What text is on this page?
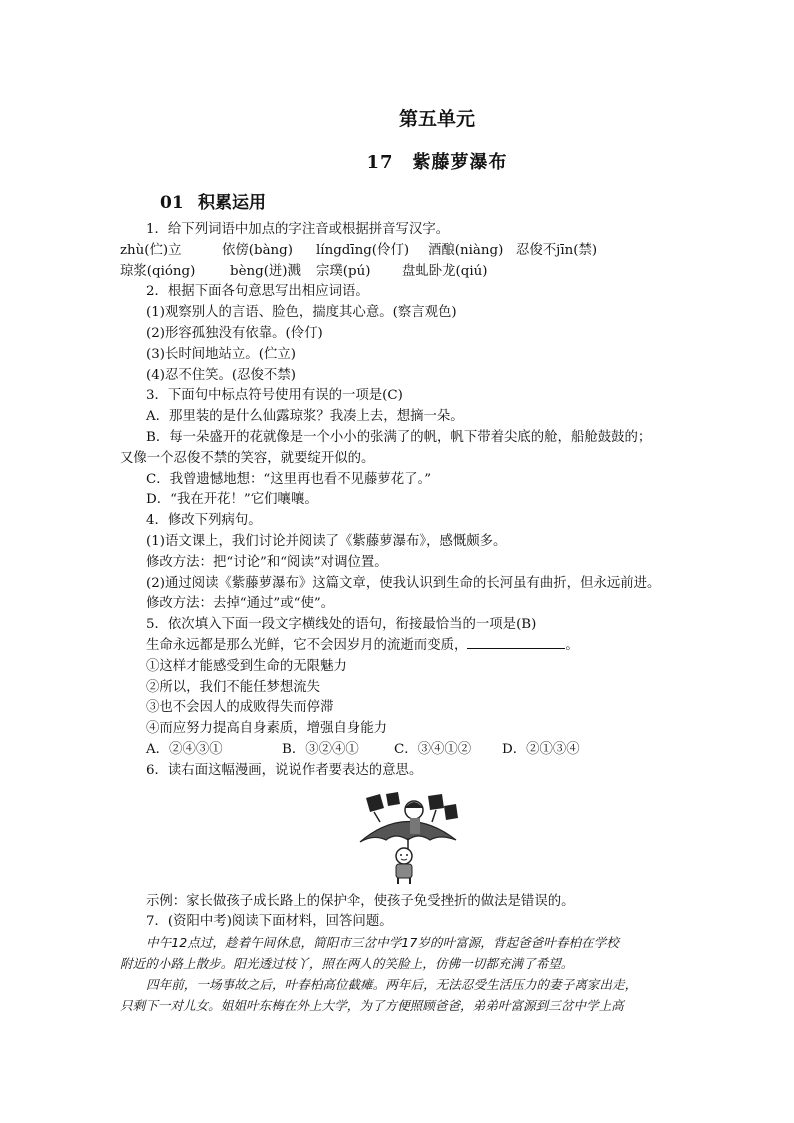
第五单元
17　紫藤萝瀑布
01 积累运用
1．给下列词语中加点的字注音或根据拼音写汉字。
zhù(伫)立	依傍(bàng) língdīng(伶仃) 酒酿(niàng) 忍俊不jīn(禁)
琼浆(qióng)	bèng(迸)溅 宗璞(pú) 盘虬卧龙(qiú)
2．根据下面各句意思写出相应词语。
(1)观察别人的言语、脸色，揣度其心意。(察言观色)
(2)形容孤独没有依靠。(伶仃)
(3)长时间地站立。(伫立)
(4)忍不住笑。(忍俊不禁)
3．下面句中标点符号使用有误的一项是(C)
A．那里装的是什么仙露琼浆？我凑上去，想摘一朵。
B．每一朵盛开的花就像是一个小小的张满了的帆，帆下带着尖底的舱，船舱鼓鼓的；
又像一个忍俊不禁的笑容，就要绽开似的。
C．我曾遗憾地想：“这里再也看不见藤萝花了。”
D．“我在开花！”它们嚷嚷。
4．修改下列病句。
(1)语文课上，我们讨论并阅读了《紫藤萝瀑布》，感慨颇多。
修改方法：把“讨论”和“阅读”对调位置。
(2)通过阅读《紫藤萝瀑布》这篇文章，使我认识到生命的长河虽有曲折，但永远前进。
修改方法：去掉“通过”或“使”。
5．依次填入下面一段文字横线处的语句，衔接最恰当的一项是(B)
生命永远都是那么光鲜，它不会因岁月的流逝而变质，	。
①这样才能感受到生命的无限魅力
②所以，我们不能任梦想流失
③也不会因人的成败得失而停滞
④而应努力提高自身素质，增强自身能力
A．②④③①	B．③②④①	C．③④①② D．②①③④
6．读右面这幅漫画，说说作者要表达的意思。
示例：家长做孩子成长路上的保护伞，使孩子免受挫折的做法是错误的。
7．(资阳中考)阅读下面材料，回答问题。
中午12点过，趁着午间休息，简阳市三岔中学17岁的叶富源，背起爸爸叶春柏在学校
附近的小路上散步。阳光透过枝丫，照在两人的笑脸上，仿佛一切都充满了希望。
四年前，一场事故之后，叶春柏高位截瘫。两年后，无法忍受生活压力的妻子离家出走，
只剩下一对儿女。姐姐叶东梅在外上大学，为了方便照顾爸爸，弟弟叶富源到三岔中学上高
